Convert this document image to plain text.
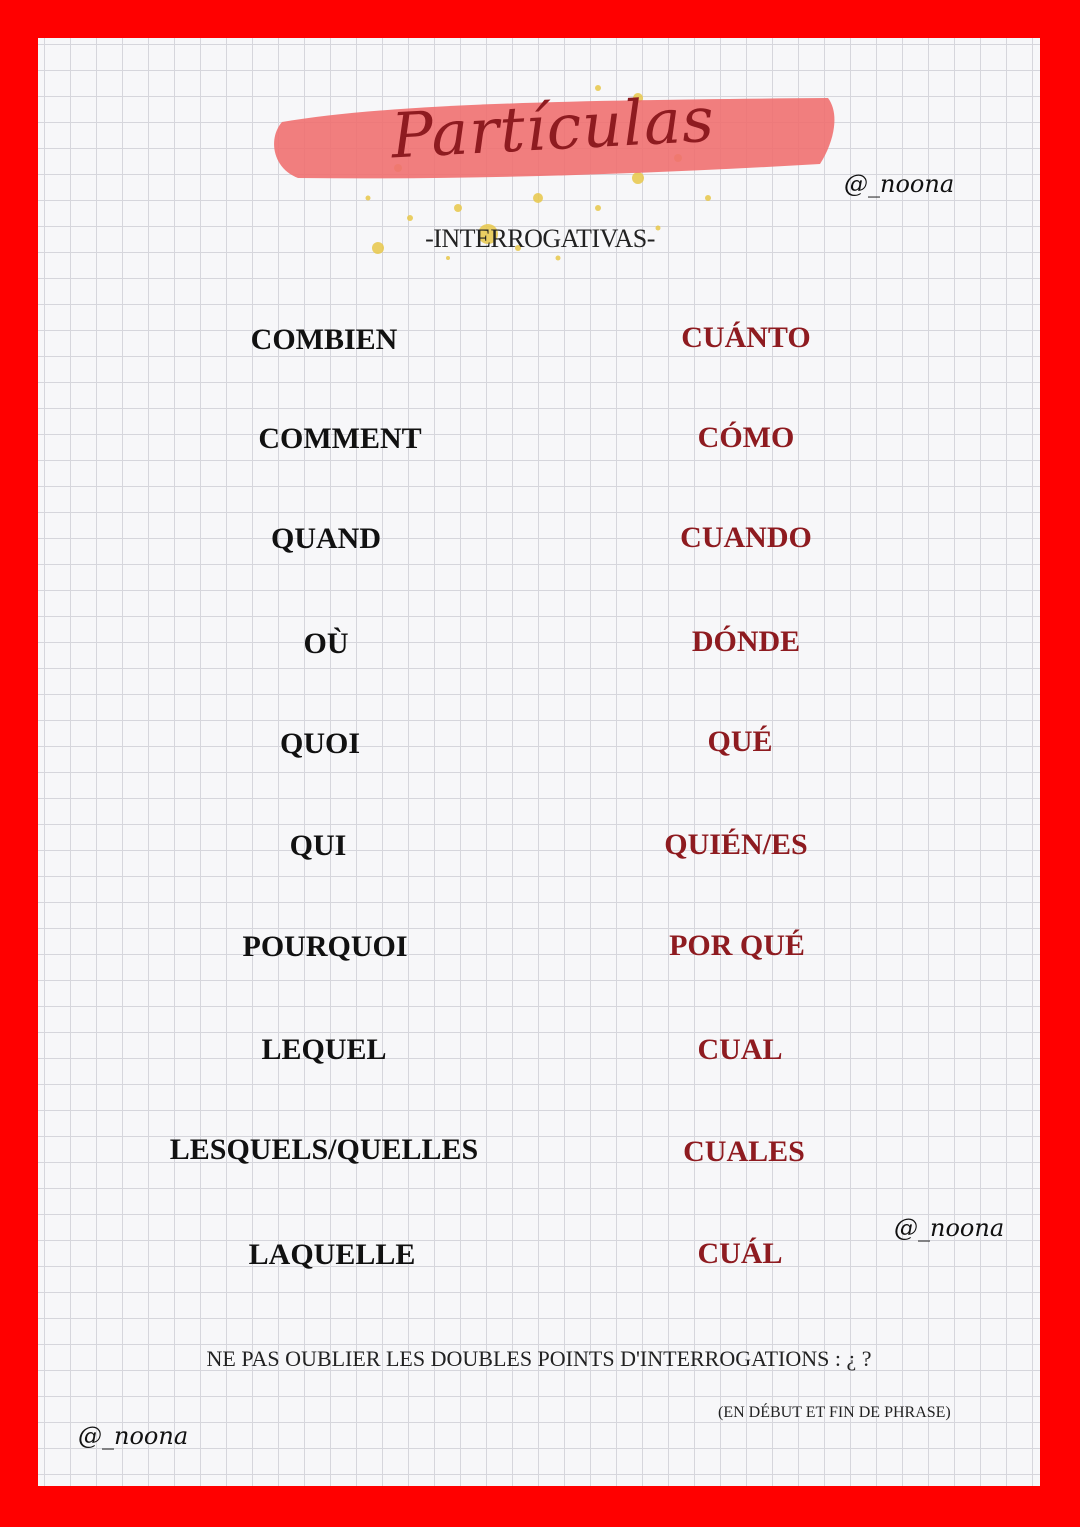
Partículas
-INTERROGATIVAS-
@_noona
@_noona
@_noona
COMBIEN	CUÁNTO
COMMENT	CÓMO
QUAND	CUANDO
OÙ	DÓNDE
QUOI	QUÉ
QUI	QUIÉN/ES
POURQUOI	POR QUÉ
LEQUEL	CUAL
LESQUELS/QUELLES	CUALES
LAQUELLE	CUÁL
NE PAS OUBLIER LES DOUBLES POINTS D'INTERROGATIONS : ¿ ?
(EN DÉBUT ET FIN DE PHRASE)
